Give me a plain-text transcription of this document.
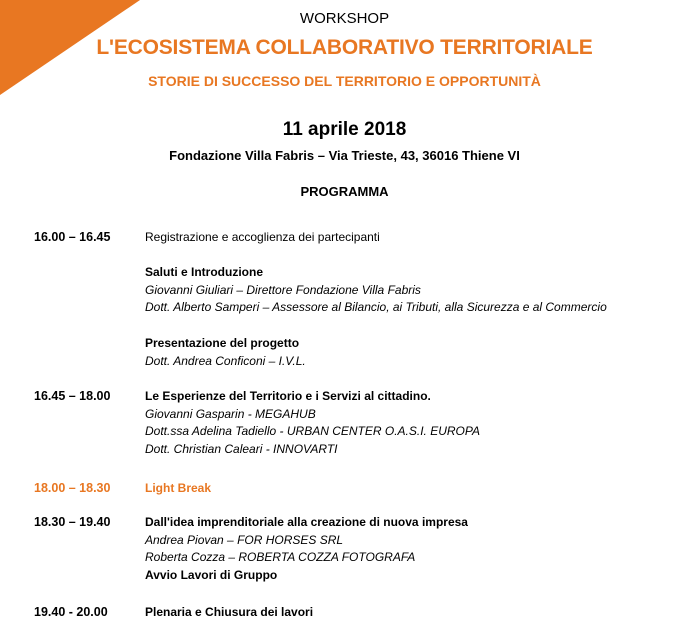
WORKSHOP
L'ECOSISTEMA COLLABORATIVO TERRITORIALE
STORIE DI SUCCESSO DEL TERRITORIO E OPPORTUNITÀ
11 aprile 2018
Fondazione Villa Fabris – Via Trieste, 43, 36016 Thiene VI
PROGRAMMA
16.00 – 16.45	Registrazione e accoglienza dei partecipanti
Saluti e Introduzione
Giovanni Giuliari – Direttore Fondazione Villa Fabris
Dott. Alberto Samperi – Assessore al Bilancio, ai Tributi, alla Sicurezza e al Commercio
Presentazione del progetto
Dott. Andrea Conficoni – I.V.L.
16.45 – 18.00	Le Esperienze del Territorio e i Servizi al cittadino.
Giovanni Gasparin - MEGAHUB
Dott.ssa Adelina Tadiello - URBAN CENTER O.A.S.I. EUROPA
Dott. Christian Caleari - INNOVARTI
18.00 – 18.30	Light Break
18.30 – 19.40	Dall'idea imprenditoriale alla creazione di nuova impresa
Andrea Piovan – FOR HORSES SRL
Roberta Cozza – ROBERTA COZZA FOTOGRAFA
Avvio Lavori di Gruppo
19.40 - 20.00	Plenaria e Chiusura dei lavori
